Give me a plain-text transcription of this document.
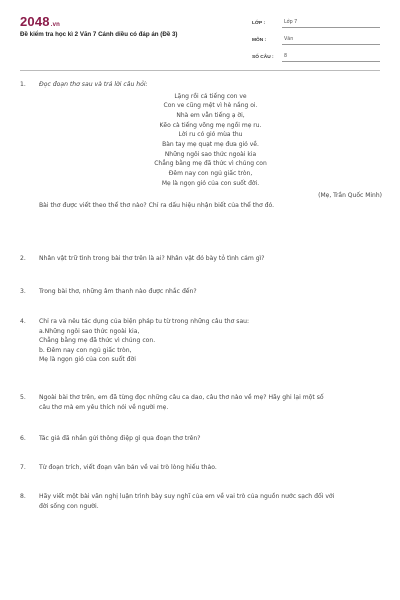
2048.vn
Đề kiểm tra học kì 2 Văn 7 Cánh diều có đáp án (Đề 3)
LỚP :	Lớp 7
MÔN :	Văn
SỐ CÂU :	8
1.	Đọc đoạn thơ sau và trả lời câu hỏi:
Lặng rồi cả tiếng con ve
Con ve cũng mệt vì hè nắng oi.
Nhà em vẫn tiếng ạ ời,
Kẽo cà tiếng võng mẹ ngồi mẹ ru.
Lời ru có gió mùa thu
Bàn tay mẹ quạt mẹ đưa gió về.
Những ngôi sao thức ngoài kia
Chẳng bằng mẹ đã thức vì chúng con
Đêm nay con ngủ giấc tròn,
Mẹ là ngọn gió của con suốt đời.
(Mẹ, Trần Quốc Minh)
Bài thơ được viết theo thể thơ nào? Chỉ ra dấu hiệu nhận biết của thể thơ đó.
2.	Nhân vật trữ tình trong bài thơ trên là ai? Nhân vật đó bày tỏ tình cảm gì?
3.	Trong bài thơ, những âm thanh nào được nhắc đến?
4.	Chỉ ra và nêu tác dụng của biện pháp tu từ trong những câu thơ sau:
a.Những ngôi sao thức ngoài kia,
Chẳng bằng mẹ đã thức vì chúng con.
b. Đêm nay con ngủ giấc tròn,
Mẹ là ngọn gió của con suốt đời
5.	Ngoài bài thơ trên, em đã từng đọc những câu ca dao, câu thơ nào về mẹ? Hãy ghi lại một số
câu thơ mà em yêu thích nói về người mẹ.
6.	Tác giả đã nhắn gửi thông điệp gì qua đoạn thơ trên?
7.	Từ đoạn trích, viết đoạn văn bản về vai trò lòng hiếu thảo.
8.	Hãy viết một bài văn nghị luận trình bày suy nghĩ của em về vai trò của nguồn nước sạch đối với
đời sống con người.
